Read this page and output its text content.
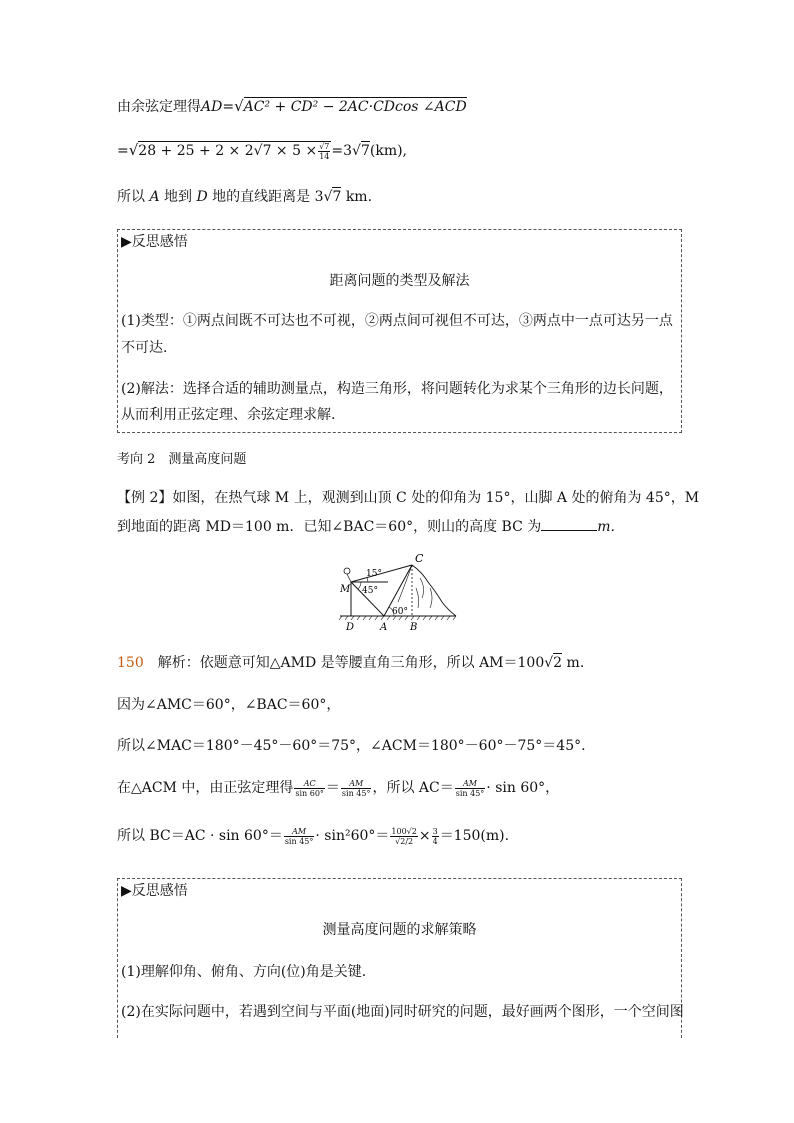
由余弦定理得AD=√AC² + CD² − 2AC·CDcos ∠ACD
$=√28 + 25 + 2 \times 2√7 \times 5 \times \frac{√7}{14} =3√7(km)$,
所以 A 地到 D 地的直线距离是 3√7 km.
▶反思感悟
距离问题的类型及解法
(1)类型：①两点间既不可达也不可视，②两点间可视但不可达，③两点中一点可达另一点
不可达.
(2)解法：选择合适的辅助测量点，构造三角形，将问题转化为求某个三角形的边长问题，
从而利用正弦定理、余弦定理求解.
考向 2　测量高度问题
【例 2】如图，在热气球 M 上，观测到山顶 C 处的仰角为 15°，山脚 A 处的俯角为 45°，M
到地面的距离 MD＝100 m．已知∠BAC＝60°，则山的高度 BC 为	m.
C
M
D	A B
15°
45°
60°
150　 解析：依题意可知△AMD 是等腰直角三角形，所以 AM＝100√2 m.
因为∠AMC＝60°，∠BAC＝60°，
所以∠MAC＝180°－45°－60°＝75°，∠ACM＝180°－60°－75°＝45°.
在△ACM 中，由正弦定理得 $\frac{AC}{\sin 60^\circ} = \frac{AM}{\sin 45^\circ}$ ，所以 $AC= \frac{AM}{\sin 45^\circ} \cdot \sin 60^\circ$，
所以 $BC=AC \cdot \sin 60^\circ= \frac{AM}{\sin 45^\circ} \cdot \sin^260^\circ= \frac{100√2}{√2/2} \times \frac{3}{4} =150(m)$.
▶反思感悟
测量高度问题的求解策略
(1)理解仰角、俯角、方向(位)角是关键.
(2)在实际问题中，若遇到空间与平面(地面)同时研究的问题，最好画两个图形，一个空间图
